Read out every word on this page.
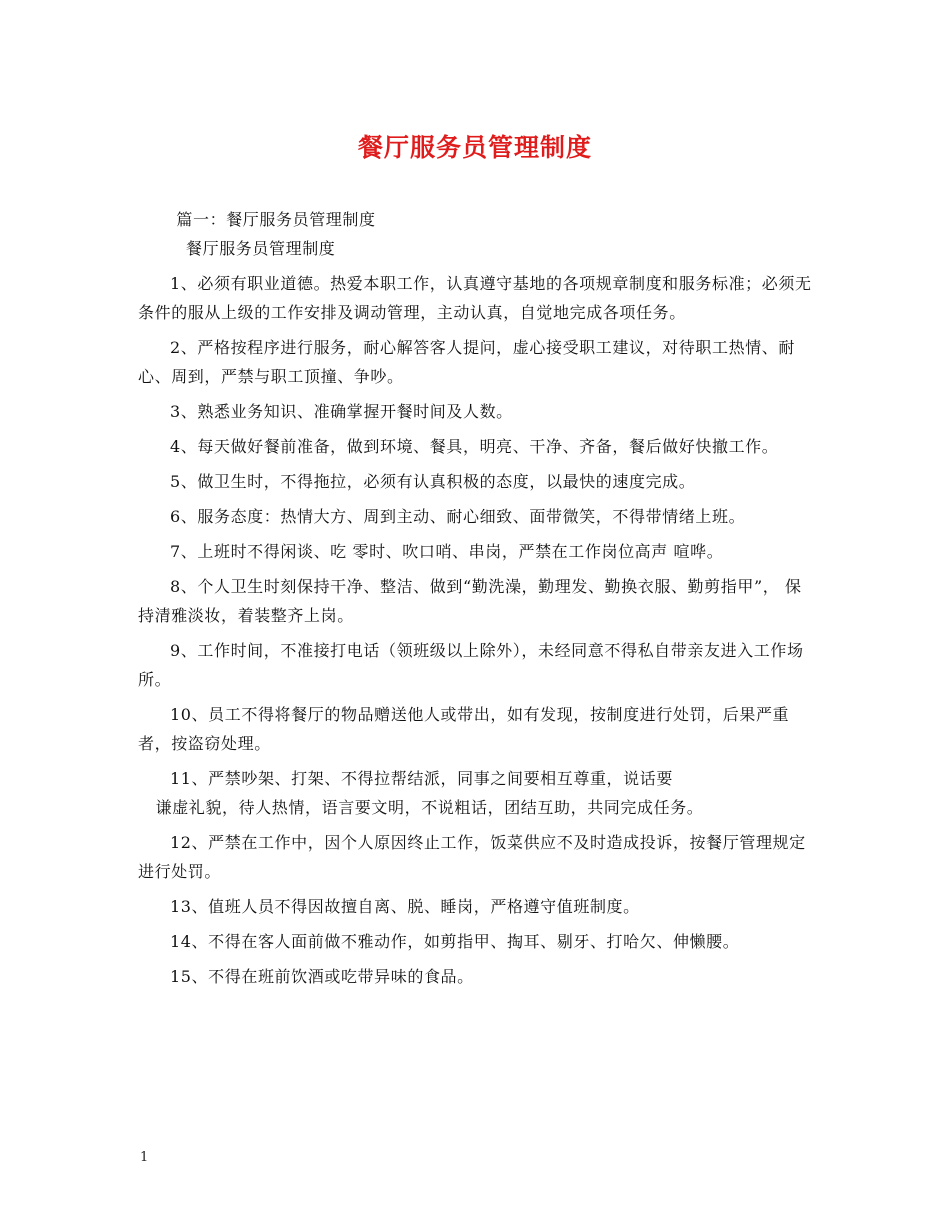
餐厅服务员管理制度

篇一：餐厅服务员管理制度

餐厅服务员管理制度

1、必须有职业道德。热爱本职工作，认真遵守基地的各项规章制度和服务标准；必须无条件的服从上级的工作安排及调动管理，主动认真，自觉地完成各项任务。

2、严格按程序进行服务，耐心解答客人提问，虚心接受职工建议，对待职工热情、耐心、周到，严禁与职工顶撞、争吵。

3、熟悉业务知识、准确掌握开餐时间及人数。

4、每天做好餐前准备，做到环境、餐具，明亮、干净、齐备，餐后做好快撤工作。

5、做卫生时，不得拖拉，必须有认真积极的态度，以最快的速度完成。

6、服务态度：热情大方、周到主动、耐心细致、面带微笑，不得带情绪上班。

7、上班时不得闲谈、吃 零时、吹口哨、串岗，严禁在工作岗位高声 喧哗。

8、个人卫生时刻保持干净、整洁、做到“勤洗澡，勤理发、勤换衣服、勤剪指甲”， 保持清雅淡妆，着装整齐上岗。

9、工作时间，不准接打电话（领班级以上除外），未经同意不得私自带亲友进入工作场所。

10、员工不得将餐厅的物品赠送他人或带出，如有发现，按制度进行处罚，后果严重者，按盗窃处理。

11、严禁吵架、打架、不得拉帮结派，同事之间要相互尊重，说话要
谦虚礼貌，待人热情，语言要文明，不说粗话，团结互助，共同完成任务。

12、严禁在工作中，因个人原因终止工作，饭菜供应不及时造成投诉，按餐厅管理规定进行处罚。

13、值班人员不得因故擅自离、脱、睡岗，严格遵守值班制度。

14、不得在客人面前做不雅动作，如剪指甲、掏耳、剔牙、打哈欠、伸懒腰。

15、不得在班前饮酒或吃带异味的食品。

1
